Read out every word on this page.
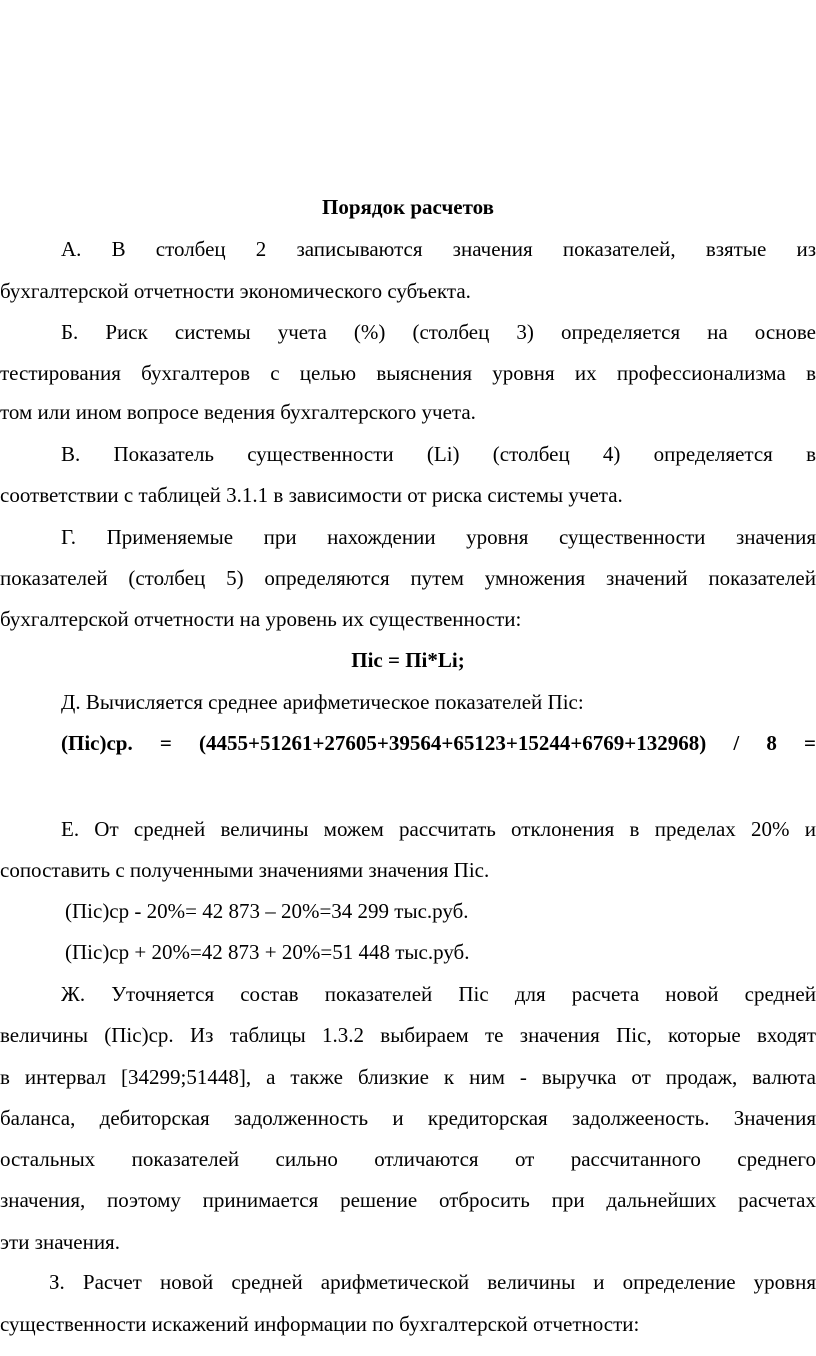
Порядок расчетов
А. В столбец 2 записываются значения показателей, взятые из
бухгалтерской отчетности экономического субъекта.
Б. Риск системы учета (%) (столбец 3) определяется на основе
тестирования бухгалтеров с целью выяснения уровня их профессионализма в
том или ином вопросе ведения бухгалтерского учета.
В. Показатель существенности (Li) (столбец 4) определяется в
соответствии с таблицей 3.1.1 в зависимости от риска системы учета.
Г. Применяемые при нахождении уровня существенности значения
показателей (столбец 5) определяются путем умножения значений показателей
бухгалтерской отчетности на уровень их существенности:
Піс = Пі*Li;
Д. Вычисляется среднее арифметическое показателей Піс:
(Піс)ср. = (4455+51261+27605+39564+65123+15244+6769+132968) / 8 =
Е. От средней величины можем рассчитать отклонения в пределах 20% и
сопоставить с полученными значениями значения Піс.
(Піс)ср - 20%= 42 873 – 20%=34 299 тыс.руб.
(Піс)ср + 20%=42 873 + 20%=51 448 тыс.руб.
Ж. Уточняется состав показателей Піс для расчета новой средней
величины (Піс)ср. Из таблицы 1.3.2 выбираем те значения Піс, которые входят
в интервал [34299;51448], а также близкие к ним - выручка от продаж, валюта
баланса, дебиторская задолженность и кредиторская задолжееность. Значения
остальных показателей сильно отличаются от рассчитанного среднего
значения, поэтому принимается решение отбросить при дальнейших расчетах
эти значения.
З. Расчет новой средней арифметической величины и определение уровня
существенности искажений информации по бухгалтерской отчетности:
